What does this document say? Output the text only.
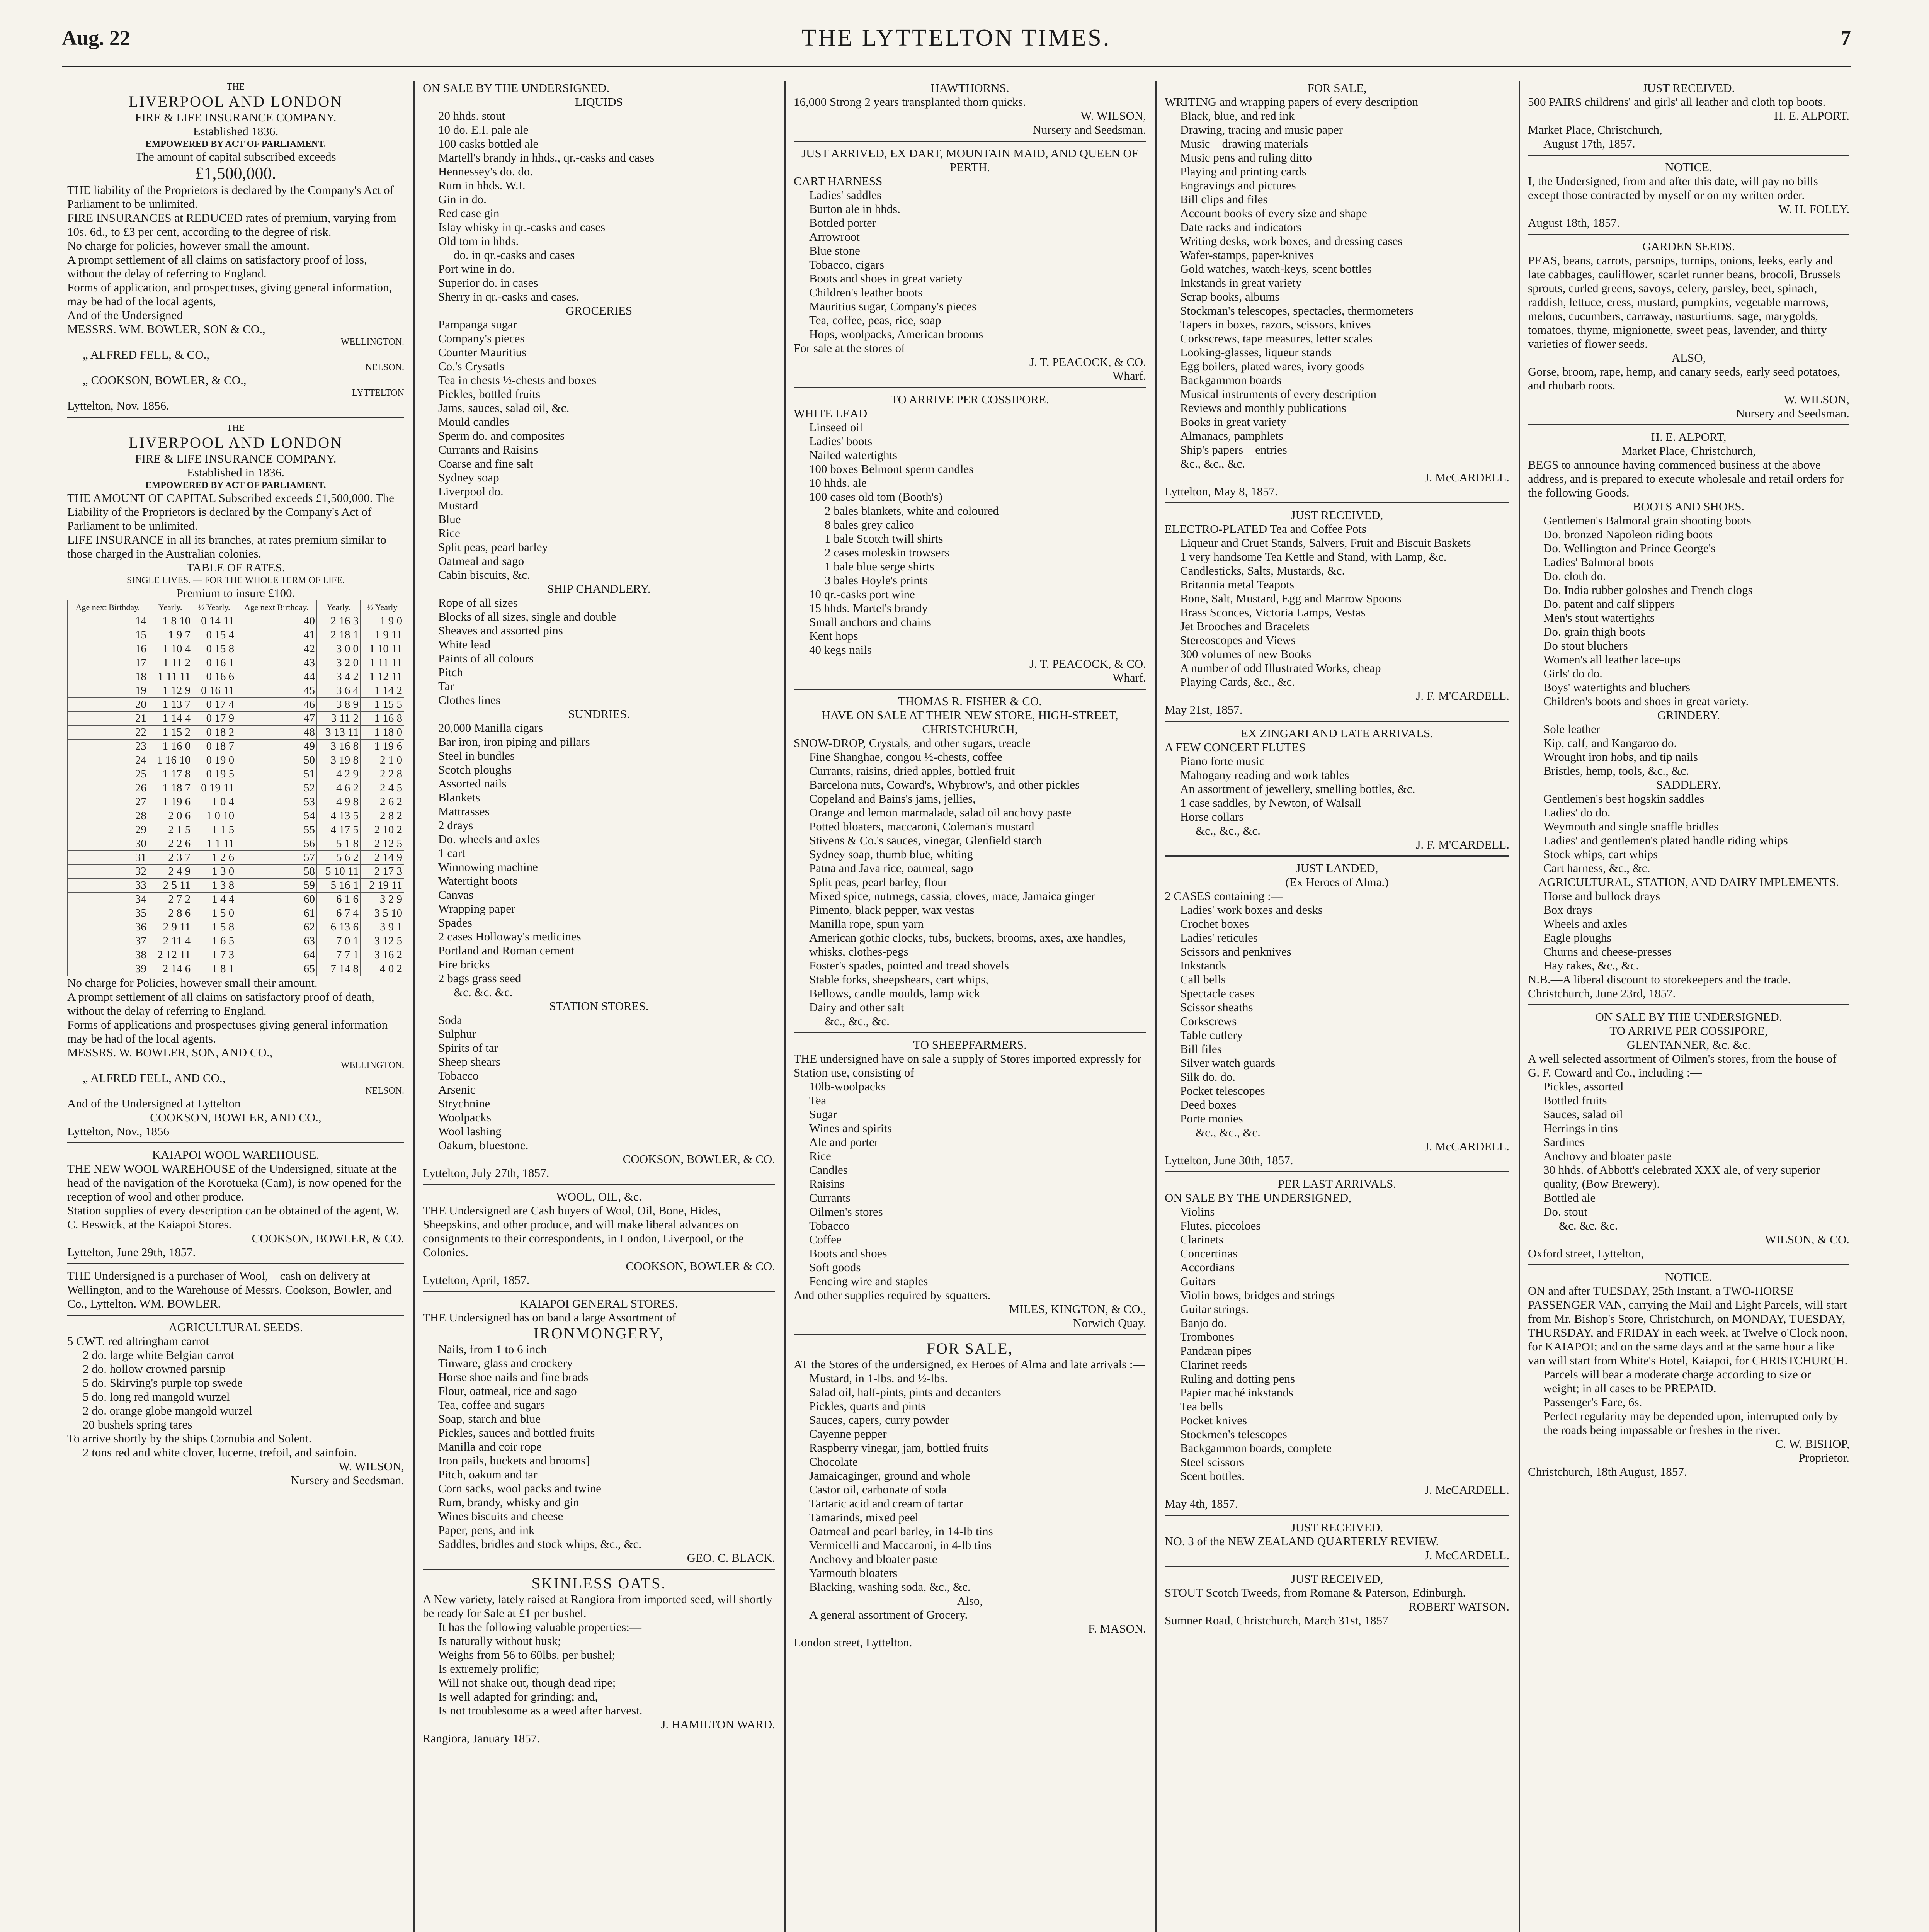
Aug. 22	THE LYTTELTON TIMES.	7

THE

LIVERPOOL AND LONDON

FIRE & LIFE INSURANCE COMPANY.

Established 1836.

EMPOWERED BY ACT OF PARLIAMENT.

The amount of capital subscribed exceeds

£1,500,000.

THE liability of the Proprietors is declared by the Company's Act of Parliament to be unlimited.

FIRE INSURANCES at REDUCED rates of premium, varying from 10s. 6d., to £3 per cent, according to the degree of risk.

No charge for policies, however small the amount.

A prompt settlement of all claims on satisfactory proof of loss, without the delay of referring to England.

Forms of application, and prospectuses, giving general information, may be had of the local agents,

And of the Undersigned

MESSRS. WM. BOWLER, SON & CO.,

WELLINGTON.

„ ALFRED FELL, & CO.,

NELSON.

„ COOKSON, BOWLER, & CO.,

LYTTELTON

Lyttelton, Nov. 1856.

THE

LIVERPOOL AND LONDON

FIRE & LIFE INSURANCE COMPANY.

Established in 1836.

EMPOWERED BY ACT OF PARLIAMENT.

THE AMOUNT OF CAPITAL Subscribed exceeds £1,500,000. The Liability of the Proprietors is declared by the Company's Act of Parliament to be unlimited.

LIFE INSURANCE in all its branches, at rates premium similar to those charged in the Australian colonies.

TABLE OF RATES.

SINGLE LIVES. — FOR THE WHOLE TERM OF LIFE.

Premium to insure £100.

Age next Birthday.	Yearly.	½ Yearly.	Age next Birthday.	Yearly.	½ Yearly
14	1 8 10	0 14 11	40	2 16 3	1 9 0
15	1 9 7	0 15 4	41	2 18 1	1 9 11
16	1 10 4	0 15 8	42	3 0 0	1 10 11
17	1 11 2	0 16 1	43	3 2 0	1 11 11
18	1 11 11	0 16 6	44	3 4 2	1 12 11
19	1 12 9	0 16 11	45	3 6 4	1 14 2
20	1 13 7	0 17 4	46	3 8 9	1 15 5
21	1 14 4	0 17 9	47	3 11 2	1 16 8
22	1 15 2	0 18 2	48	3 13 11	1 18 0
23	1 16 0	0 18 7	49	3 16 8	1 19 6
24	1 16 10	0 19 0	50	3 19 8	2 1 0
25	1 17 8	0 19 5	51	4 2 9	2 2 8
26	1 18 7	0 19 11	52	4 6 2	2 4 5
27	1 19 6	1 0 4	53	4 9 8	2 6 2
28	2 0 6	1 0 10	54	4 13 5	2 8 2
29	2 1 5	1 1 5	55	4 17 5	2 10 2
30	2 2 6	1 1 11	56	5 1 8	2 12 5
31	2 3 7	1 2 6	57	5 6 2	2 14 9
32	2 4 9	1 3 0	58	5 10 11	2 17 3
33	2 5 11	1 3 8	59	5 16 1	2 19 11
34	2 7 2	1 4 4	60	6 1 6	3 2 9
35	2 8 6	1 5 0	61	6 7 4	3 5 10
36	2 9 11	1 5 8	62	6 13 6	3 9 1
37	2 11 4	1 6 5	63	7 0 1	3 12 5
38	2 12 11	1 7 3	64	7 7 1	3 16 2
39	2 14 6	1 8 1	65	7 14 8	4 0 2

No charge for Policies, however small their amount.

A prompt settlement of all claims on satisfactory proof of death, without the delay of referring to England.

Forms of applications and prospectuses giving general information may be had of the local agents.

MESSRS. W. BOWLER, SON, AND CO.,

WELLINGTON.

„ ALFRED FELL, AND CO.,

NELSON.

And of the Undersigned at Lyttelton

COOKSON, BOWLER, AND CO.,

Lyttelton, Nov., 1856

KAIAPOI WOOL WAREHOUSE.

THE NEW WOOL WAREHOUSE of the Undersigned, situate at the head of the navigation of the Korotueka (Cam), is now opened for the reception of wool and other produce.

Station supplies of every description can be obtained of the agent, W. C. Beswick, at the Kaiapoi Stores.

COOKSON, BOWLER, & CO.

Lyttelton, June 29th, 1857.

THE Undersigned is a purchaser of Wool,—cash on delivery at Wellington, and to the Warehouse of Messrs. Cookson, Bowler, and Co., Lyttelton. WM. BOWLER.

AGRICULTURAL SEEDS.

5 CWT. red altringham carrot

2 do. large white Belgian carrot

2 do. hollow crowned parsnip

5 do. Skirving's purple top swede

5 do. long red mangold wurzel

2 do. orange globe mangold wurzel

20 bushels spring tares

To arrive shortly by the ships Cornubia and Solent.

2 tons red and white clover, lucerne, trefoil, and sainfoin.

W. WILSON,

Nursery and Seedsman.

ON SALE BY THE UNDERSIGNED.

LIQUIDS

20 hhds. stout

10 do. E.I. pale ale

100 casks bottled ale

Martell's brandy in hhds., qr.-casks and cases

Hennessey's do. do.

Rum in hhds. W.I.

Gin in do.

Red case gin

Islay whisky in qr.-casks and cases

Old tom in hhds.

do. in qr.-casks and cases

Port wine in do.

Superior do. in cases

Sherry in qr.-casks and cases.

GROCERIES

Pampanga sugar

Company's pieces

Counter Mauritius

Co.'s Crysatls

Tea in chests ½-chests and boxes

Pickles, bottled fruits

Jams, sauces, salad oil, &c.

Mould candles

Sperm do. and composites

Currants and Raisins

Coarse and fine salt

Sydney soap

Liverpool do.

Mustard

Blue

Rice

Split peas, pearl barley

Oatmeal and sago

Cabin biscuits, &c.

SHIP CHANDLERY.

Rope of all sizes

Blocks of all sizes, single and double

Sheaves and assorted pins

White lead

Paints of all colours

Pitch

Tar

Clothes lines

SUNDRIES.

20,000 Manilla cigars

Bar iron, iron piping and pillars

Steel in bundles

Scotch ploughs

Assorted nails

Blankets

Mattrasses

2 drays

Do. wheels and axles

1 cart

Winnowing machine

Watertight boots

Canvas

Wrapping paper

Spades

2 cases Holloway's medicines

Portland and Roman cement

Fire bricks

2 bags grass seed

&c. &c. &c.

STATION STORES.

Soda

Sulphur

Spirits of tar

Sheep shears

Tobacco

Arsenic

Strychnine

Woolpacks

Wool lashing

Oakum, bluestone.

COOKSON, BOWLER, & CO.

Lyttelton, July 27th, 1857.

WOOL, OIL, &c.

THE Undersigned are Cash buyers of Wool, Oil, Bone, Hides, Sheepskins, and other produce, and will make liberal advances on consignments to their correspondents, in London, Liverpool, or the Colonies.

COOKSON, BOWLER & CO.

Lyttelton, April, 1857.

KAIAPOI GENERAL STORES.

THE Undersigned has on band a large Assortment of

IRONMONGERY,

Nails, from 1 to 6 inch

Tinware, glass and crockery

Horse shoe nails and fine brads

Flour, oatmeal, rice and sago

Tea, coffee and sugars

Soap, starch and blue

Pickles, sauces and bottled fruits

Manilla and coir rope

Iron pails, buckets and brooms]

Pitch, oakum and tar

Corn sacks, wool packs and twine

Rum, brandy, whisky and gin

Wines biscuits and cheese

Paper, pens, and ink

Saddles, bridles and stock whips, &c., &c.

GEO. C. BLACK.

SKINLESS OATS.

A New variety, lately raised at Rangiora from imported seed, will shortly be ready for Sale at £1 per bushel.

It has the following valuable properties:—

Is naturally without husk;

Weighs from 56 to 60lbs. per bushel;

Is extremely prolific;

Will not shake out, though dead ripe;

Is well adapted for grinding; and,

Is not troublesome as a weed after harvest.

J. HAMILTON WARD.

Rangiora, January 1857.

HAWTHORNS.

16,000 Strong 2 years transplanted thorn quicks.

W. WILSON,

Nursery and Seedsman.

JUST ARRIVED, EX DART, MOUNTAIN MAID, AND QUEEN OF PERTH.

CART HARNESS

Ladies' saddles

Burton ale in hhds.

Bottled porter

Arrowroot

Blue stone

Tobacco, cigars

Boots and shoes in great variety

Children's leather boots

Mauritius sugar, Company's pieces

Tea, coffee, peas, rice, soap

Hops, woolpacks, American brooms

For sale at the stores of

J. T. PEACOCK, & CO.

Wharf.

TO ARRIVE PER COSSIPORE.

WHITE LEAD

Linseed oil

Ladies' boots

Nailed watertights

100 boxes Belmont sperm candles

10 hhds. ale

100 cases old tom (Booth's)

2 bales blankets, white and coloured

8 bales grey calico

1 bale Scotch twill shirts

2 cases moleskin trowsers

1 bale blue serge shirts

3 bales Hoyle's prints

10 qr.-casks port wine

15 hhds. Martel's brandy

Small anchors and chains

Kent hops

40 kegs nails

J. T. PEACOCK, & CO.

Wharf.

THOMAS R. FISHER & CO.

HAVE ON SALE AT THEIR NEW STORE, HIGH-STREET, CHRISTCHURCH,

SNOW-DROP, Crystals, and other sugars, treacle

Fine Shanghae, congou ½-chests, coffee

Currants, raisins, dried apples, bottled fruit

Barcelona nuts, Coward's, Whybrow's, and other pickles

Copeland and Bains's jams, jellies,

Orange and lemon marmalade, salad oil anchovy paste

Potted bloaters, maccaroni, Coleman's mustard

Stivens & Co.'s sauces, vinegar, Glenfield starch

Sydney soap, thumb blue, whiting

Patna and Java rice, oatmeal, sago

Split peas, pearl barley, flour

Mixed spice, nutmegs, cassia, cloves, mace, Jamaica ginger

Pimento, black pepper, wax vestas

Manilla rope, spun yarn

American gothic clocks, tubs, buckets, brooms, axes, axe handles, whisks, clothes-pegs

Foster's spades, pointed and tread shovels

Stable forks, sheepshears, cart whips,

Bellows, candle moulds, lamp wick

Dairy and other salt

&c., &c., &c.

TO SHEEPFARMERS.

THE undersigned have on sale a supply of Stores imported expressly for Station use, consisting of

10lb-woolpacks

Tea

Sugar

Wines and spirits

Ale and porter

Rice

Candles

Raisins

Currants

Oilmen's stores

Tobacco

Coffee

Boots and shoes

Soft goods

Fencing wire and staples

And other supplies required by squatters.

MILES, KINGTON, & CO.,

Norwich Quay.

FOR SALE,

AT the Stores of the undersigned, ex Heroes of Alma and late arrivals :—

Mustard, in 1-lbs. and ½-lbs.

Salad oil, half-pints, pints and decanters

Pickles, quarts and pints

Sauces, capers, curry powder

Cayenne pepper

Raspberry vinegar, jam, bottled fruits

Chocolate

Jamaicaginger, ground and whole

Castor oil, carbonate of soda

Tartaric acid and cream of tartar

Tamarinds, mixed peel

Oatmeal and pearl barley, in 14-lb tins

Vermicelli and Maccaroni, in 4-lb tins

Anchovy and bloater paste

Yarmouth bloaters

Blacking, washing soda, &c., &c.

Also,

A general assortment of Grocery.

F. MASON.

London street, Lyttelton.

FOR SALE,

WRITING and wrapping papers of every description

Black, blue, and red ink

Drawing, tracing and music paper

Music—drawing materials

Music pens and ruling ditto

Playing and printing cards

Engravings and pictures

Bill clips and files

Account books of every size and shape

Date racks and indicators

Writing desks, work boxes, and dressing cases

Wafer-stamps, paper-knives

Gold watches, watch-keys, scent bottles

Inkstands in great variety

Scrap books, albums

Stockman's telescopes, spectacles, thermometers

Tapers in boxes, razors, scissors, knives

Corkscrews, tape measures, letter scales

Looking-glasses, liqueur stands

Egg boilers, plated wares, ivory goods

Backgammon boards

Musical instruments of every description

Reviews and monthly publications

Books in great variety

Almanacs, pamphlets

Ship's papers—entries

&c., &c., &c.

J. McCARDELL.

Lyttelton, May 8, 1857.

JUST RECEIVED,

ELECTRO-PLATED Tea and Coffee Pots

Liqueur and Cruet Stands, Salvers, Fruit and Biscuit Baskets

1 very handsome Tea Kettle and Stand, with Lamp, &c.

Candlesticks, Salts, Mustards, &c.

Britannia metal Teapots

Bone, Salt, Mustard, Egg and Marrow Spoons

Brass Sconces, Victoria Lamps, Vestas

Jet Brooches and Bracelets

Stereoscopes and Views

300 volumes of new Books

A number of odd Illustrated Works, cheap

Playing Cards, &c., &c.

J. F. M'CARDELL.

May 21st, 1857.

EX ZINGARI AND LATE ARRIVALS.

A FEW CONCERT FLUTES

Piano forte music

Mahogany reading and work tables

An assortment of jewellery, smelling bottles, &c.

1 case saddles, by Newton, of Walsall

Horse collars

&c., &c., &c.

J. F. M'CARDELL.

JUST LANDED,

(Ex Heroes of Alma.)

2 CASES containing :—

Ladies' work boxes and desks

Crochet boxes

Ladies' reticules

Scissors and penknives

Inkstands

Call bells

Spectacle cases

Scissor sheaths

Corkscrews

Table cutlery

Bill files

Silver watch guards

Silk do. do.

Pocket telescopes

Deed boxes

Porte monies

&c., &c., &c.

J. McCARDELL.

Lyttelton, June 30th, 1857.

PER LAST ARRIVALS.

ON SALE BY THE UNDERSIGNED,—

Violins

Flutes, piccoloes

Clarinets

Concertinas

Accordians

Guitars

Violin bows, bridges and strings

Guitar strings.

Banjo do.

Trombones

Pandæan pipes

Clarinet reeds

Ruling and dotting pens

Papier maché inkstands

Tea bells

Pocket knives

Stockmen's telescopes

Backgammon boards, complete

Steel scissors

Scent bottles.

J. McCARDELL.

May 4th, 1857.

JUST RECEIVED.

NO. 3 of the NEW ZEALAND QUARTERLY REVIEW.

J. McCARDELL.

JUST RECEIVED,

STOUT Scotch Tweeds, from Romane & Paterson, Edinburgh.

ROBERT WATSON.

Sumner Road, Christchurch, March 31st, 1857

JUST RECEIVED.

500 PAIRS childrens' and girls' all leather and cloth top boots.

H. E. ALPORT.

Market Place, Christchurch,

August 17th, 1857.

NOTICE.

I, the Undersigned, from and after this date, will pay no bills except those contracted by myself or on my written order.

W. H. FOLEY.

August 18th, 1857.

GARDEN SEEDS.

PEAS, beans, carrots, parsnips, turnips, onions, leeks, early and late cabbages, cauliflower, scarlet runner beans, brocoli, Brussels sprouts, curled greens, savoys, celery, parsley, beet, spinach, raddish, lettuce, cress, mustard, pumpkins, vegetable marrows, melons, cucumbers, carraway, nasturtiums, sage, marygolds, tomatoes, thyme, mignionette, sweet peas, lavender, and thirty varieties of flower seeds.

ALSO,

Gorse, broom, rape, hemp, and canary seeds, early seed potatoes, and rhubarb roots.

W. WILSON,

Nursery and Seedsman.

H. E. ALPORT,

Market Place, Christchurch,

BEGS to announce having commenced business at the above address, and is prepared to execute wholesale and retail orders for the following Goods.

BOOTS AND SHOES.

Gentlemen's Balmoral grain shooting boots

Do. bronzed Napoleon riding boots

Do. Wellington and Prince George's

Ladies' Balmoral boots

Do. cloth do.

Do. India rubber goloshes and French clogs

Do. patent and calf slippers

Men's stout watertights

Do. grain thigh boots

Do stout bluchers

Women's all leather lace-ups

Girls' do do.

Boys' watertights and bluchers

Children's boots and shoes in great variety.

GRINDERY.

Sole leather

Kip, calf, and Kangaroo do.

Wrought iron hobs, and tip nails

Bristles, hemp, tools, &c., &c.

SADDLERY.

Gentlemen's best hogskin saddles

Ladies' do do.

Weymouth and single snaffle bridles

Ladies' and gentlemen's plated handle riding whips

Stock whips, cart whips

Cart harness, &c., &c.

AGRICULTURAL, STATION, AND DAIRY IMPLEMENTS.

Horse and bullock drays

Box drays

Wheels and axles

Eagle ploughs

Churns and cheese-presses

Hay rakes, &c., &c.

N.B.—A liberal discount to storekeepers and the trade.

Christchurch, June 23rd, 1857.

ON SALE BY THE UNDERSIGNED.

TO ARRIVE PER COSSIPORE,

GLENTANNER, &c. &c.

A well selected assortment of Oilmen's stores, from the house of G. F. Coward and Co., including :—

Pickles, assorted

Bottled fruits

Sauces, salad oil

Herrings in tins

Sardines

Anchovy and bloater paste

30 hhds. of Abbott's celebrated XXX ale, of very superior quality, (Bow Brewery).

Bottled ale

Do. stout

&c. &c. &c.

WILSON, & CO.

Oxford street, Lyttelton,

NOTICE.

ON and after TUESDAY, 25th Instant, a TWO-HORSE PASSENGER VAN, carrying the Mail and Light Parcels, will start from Mr. Bishop's Store, Christchurch, on MONDAY, TUESDAY, THURSDAY, and FRIDAY in each week, at Twelve o'Clock noon, for KAIAPOI; and on the same days and at the same hour a like van will start from White's Hotel, Kaiapoi, for CHRISTCHURCH.

Parcels will bear a moderate charge according to size or weight; in all cases to be PREPAID.

Passenger's Fare, 6s.

Perfect regularity may be depended upon, interrupted only by the roads being impassable or freshes in the river.

C. W. BISHOP,

Proprietor.

Christchurch, 18th August, 1857.
